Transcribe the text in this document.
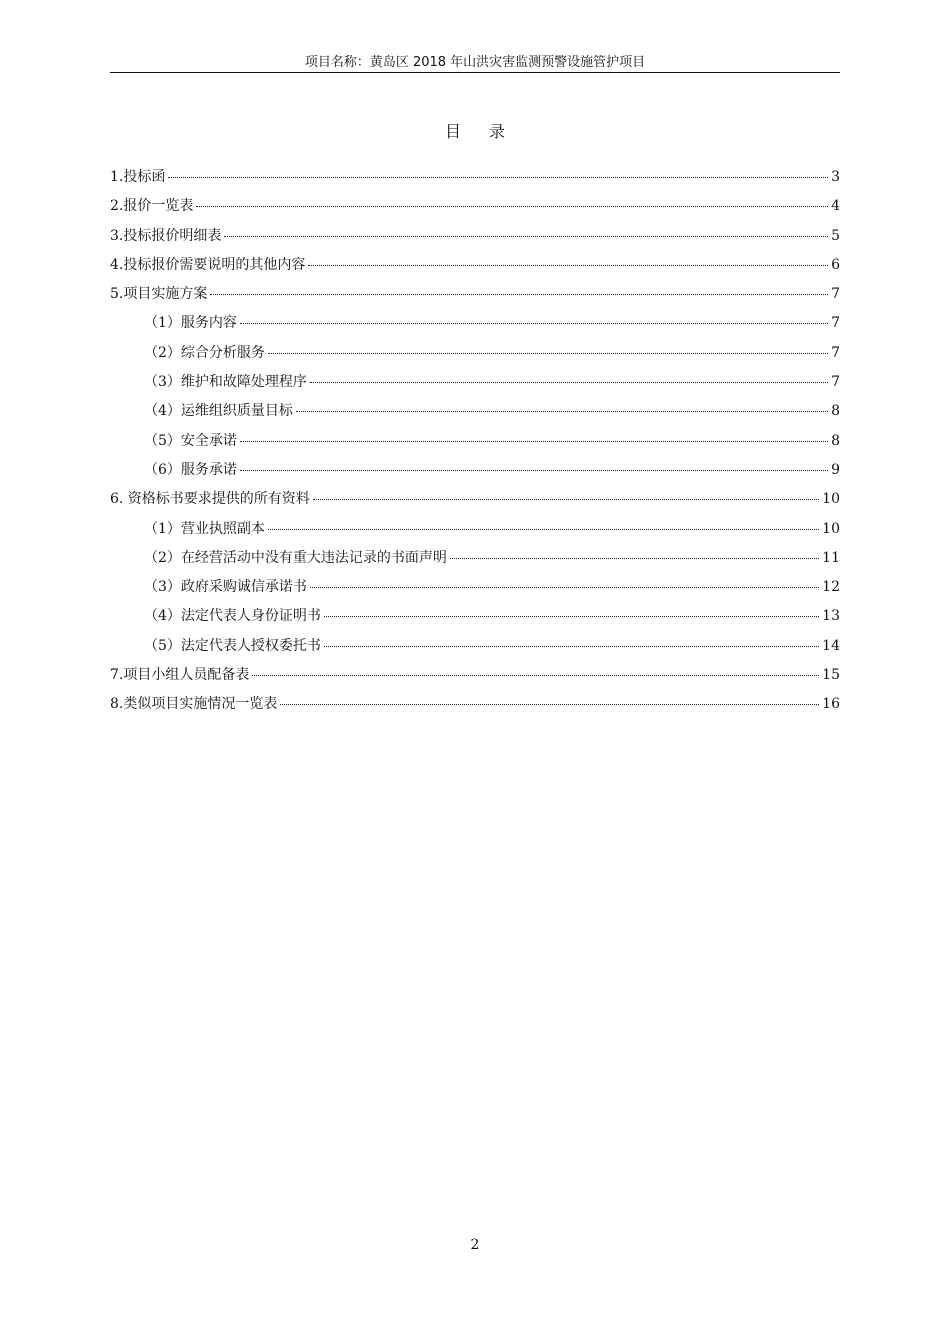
项目名称：黄岛区 2018 年山洪灾害监测预警设施管护项目
目录
1.投标函	3
2.报价一览表	4
3.投标报价明细表	5
4.投标报价需要说明的其他内容	6
5.项目实施方案	7
（1）服务内容	7
（2）综合分析服务	7
（3）维护和故障处理程序	7
（4）运维组织质量目标	8
（5）安全承诺	8
（6）服务承诺	9
6. 资格标书要求提供的所有资料	10
（1）营业执照副本	10
（2）在经营活动中没有重大违法记录的书面声明	11
（3）政府采购诚信承诺书	12
（4）法定代表人身份证明书	13
（5）法定代表人授权委托书	14
7.项目小组人员配备表	15
8.类似项目实施情况一览表	16
2
